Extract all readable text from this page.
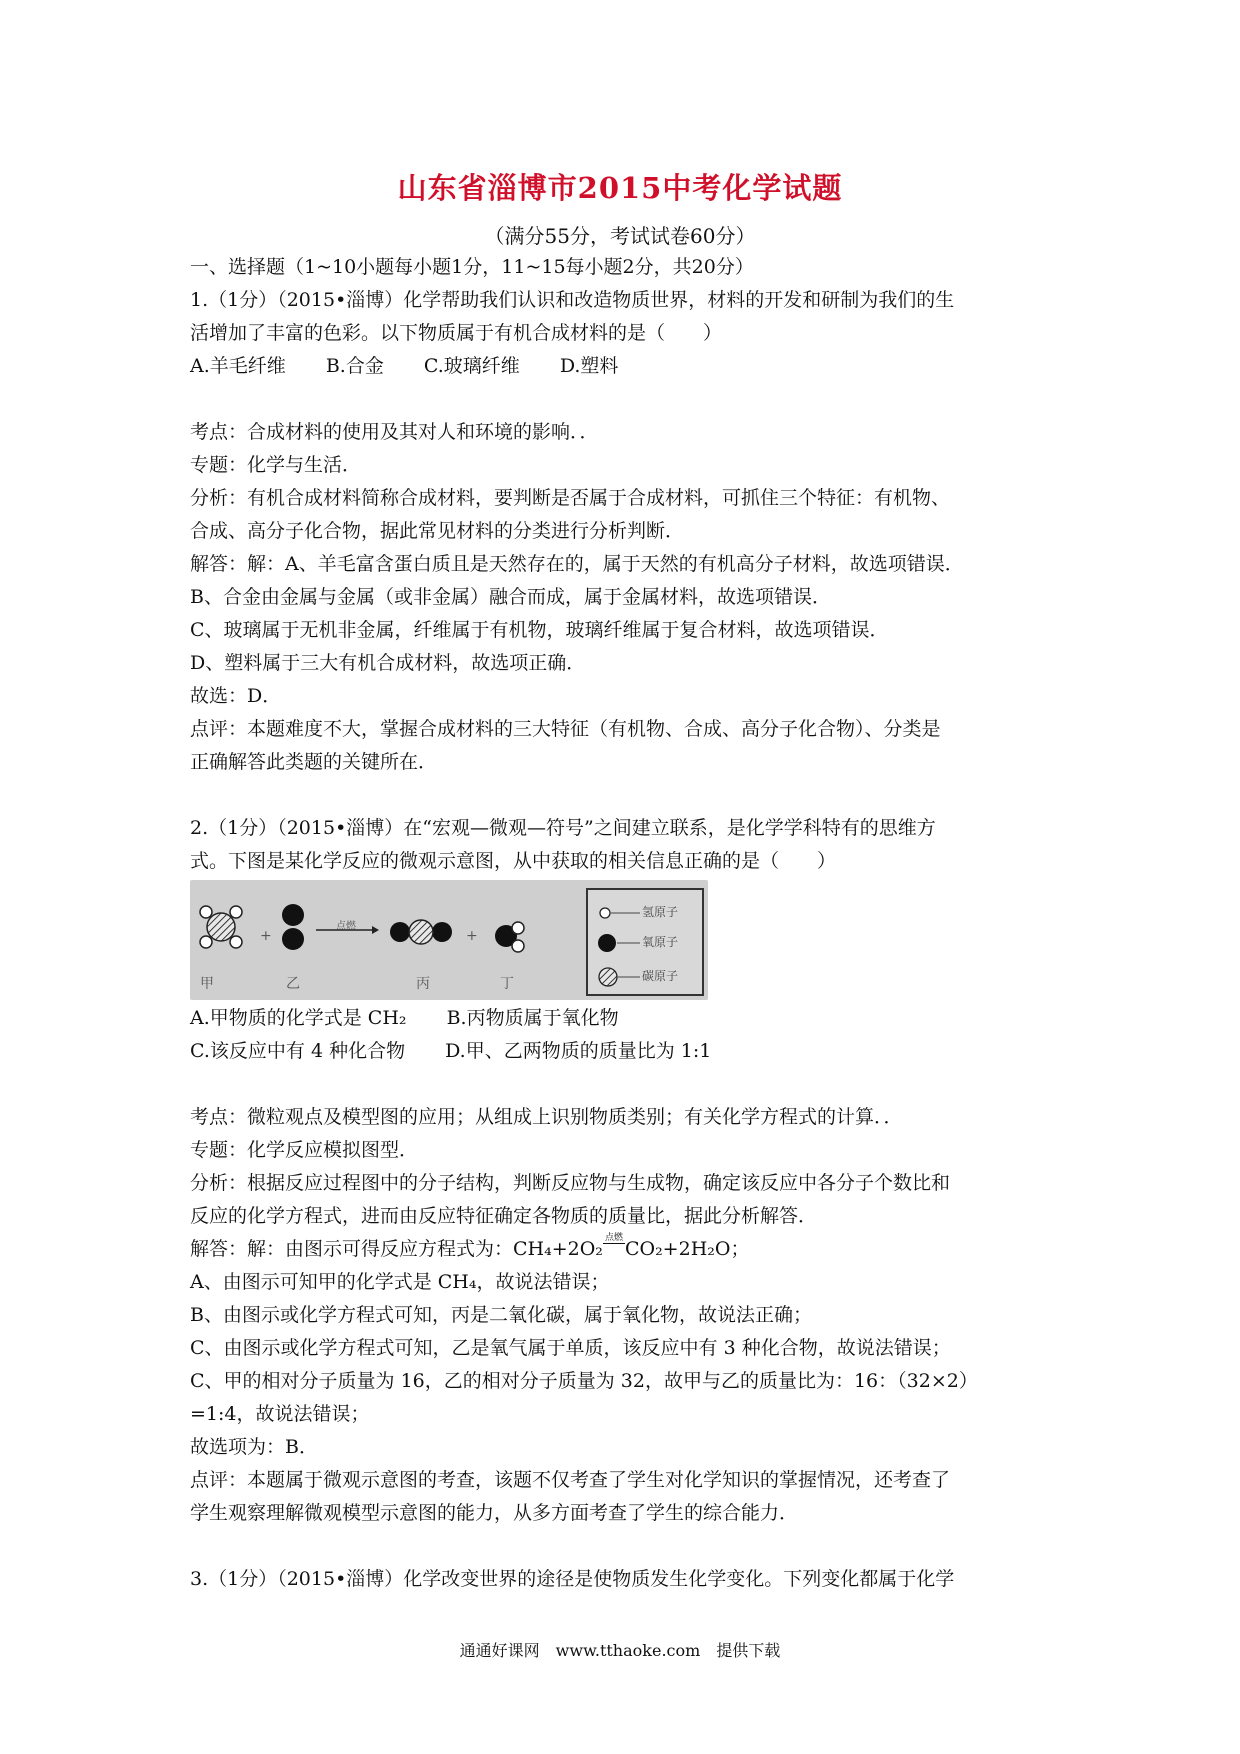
山东省淄博市2015中考化学试题
（满分55分，考试试卷60分）
一、选择题（1~10小题每小题1分，11~15每小题2分，共20分）
1.（1分）（2015•淄博）化学帮助我们认识和改造物质世界，材料的开发和研制为我们的生
活增加了丰富的色彩。以下物质属于有机合成材料的是（　　）
A.羊毛纤维 B.合金 C.玻璃纤维 D.塑料
考点：合成材料的使用及其对人和环境的影响．．
专题：化学与生活．
分析：有机合成材料简称合成材料，要判断是否属于合成材料，可抓住三个特征：有机物、
合成、高分子化合物，据此常见材料的分类进行分析判断．
解答：解：A、羊毛富含蛋白质且是天然存在的，属于天然的有机高分子材料，故选项错误．
B、合金由金属与金属（或非金属）融合而成，属于金属材料，故选项错误．
C、玻璃属于无机非金属，纤维属于有机物，玻璃纤维属于复合材料，故选项错误．
D、塑料属于三大有机合成材料，故选项正确．
故选：D．
点评：本题难度不大，掌握合成材料的三大特征（有机物、合成、高分子化合物）、分类是
正确解答此类题的关键所在．
2.（1分）（2015•淄博）在“宏观—微观—符号”之间建立联系，是化学学科特有的思维方
式。下图是某化学反应的微观示意图，从中获取的相关信息正确的是（　　）
+
点燃
+
甲	乙	丙	丁
氢原子
氧原子
碳原子
A.甲物质的化学式是 CH₂ B.丙物质属于氧化物
C.该反应中有 4 种化合物 D.甲、乙两物质的质量比为 1:1
考点：微粒观点及模型图的应用；从组成上识别物质类别；有关化学方程式的计算．．
专题：化学反应模拟图型．
分析：根据反应过程图中的分子结构，判断反应物与生成物，确定该反应中各分子个数比和
反应的化学方程式，进而由反应特征确定各物质的质量比，据此分析解答．
解答：解：由图示可得反应方程式为：CH₄+2O₂ 点燃 CO₂+2H₂O；
A、由图示可知甲的化学式是 CH₄，故说法错误；
B、由图示或化学方程式可知，丙是二氧化碳，属于氧化物，故说法正确；
C、由图示或化学方程式可知，乙是氧气属于单质，该反应中有 3 种化合物，故说法错误；
C、甲的相对分子质量为 16，乙的相对分子质量为 32，故甲与乙的质量比为：16：（32×2）
=1:4，故说法错误；
故选项为：B．
点评：本题属于微观示意图的考查，该题不仅考查了学生对化学知识的掌握情况，还考查了
学生观察理解微观模型示意图的能力，从多方面考查了学生的综合能力．
3.（1分）（2015•淄博）化学改变世界的途径是使物质发生化学变化。下列变化都属于化学
通通好课网　www.tthaoke.com　提供下载
